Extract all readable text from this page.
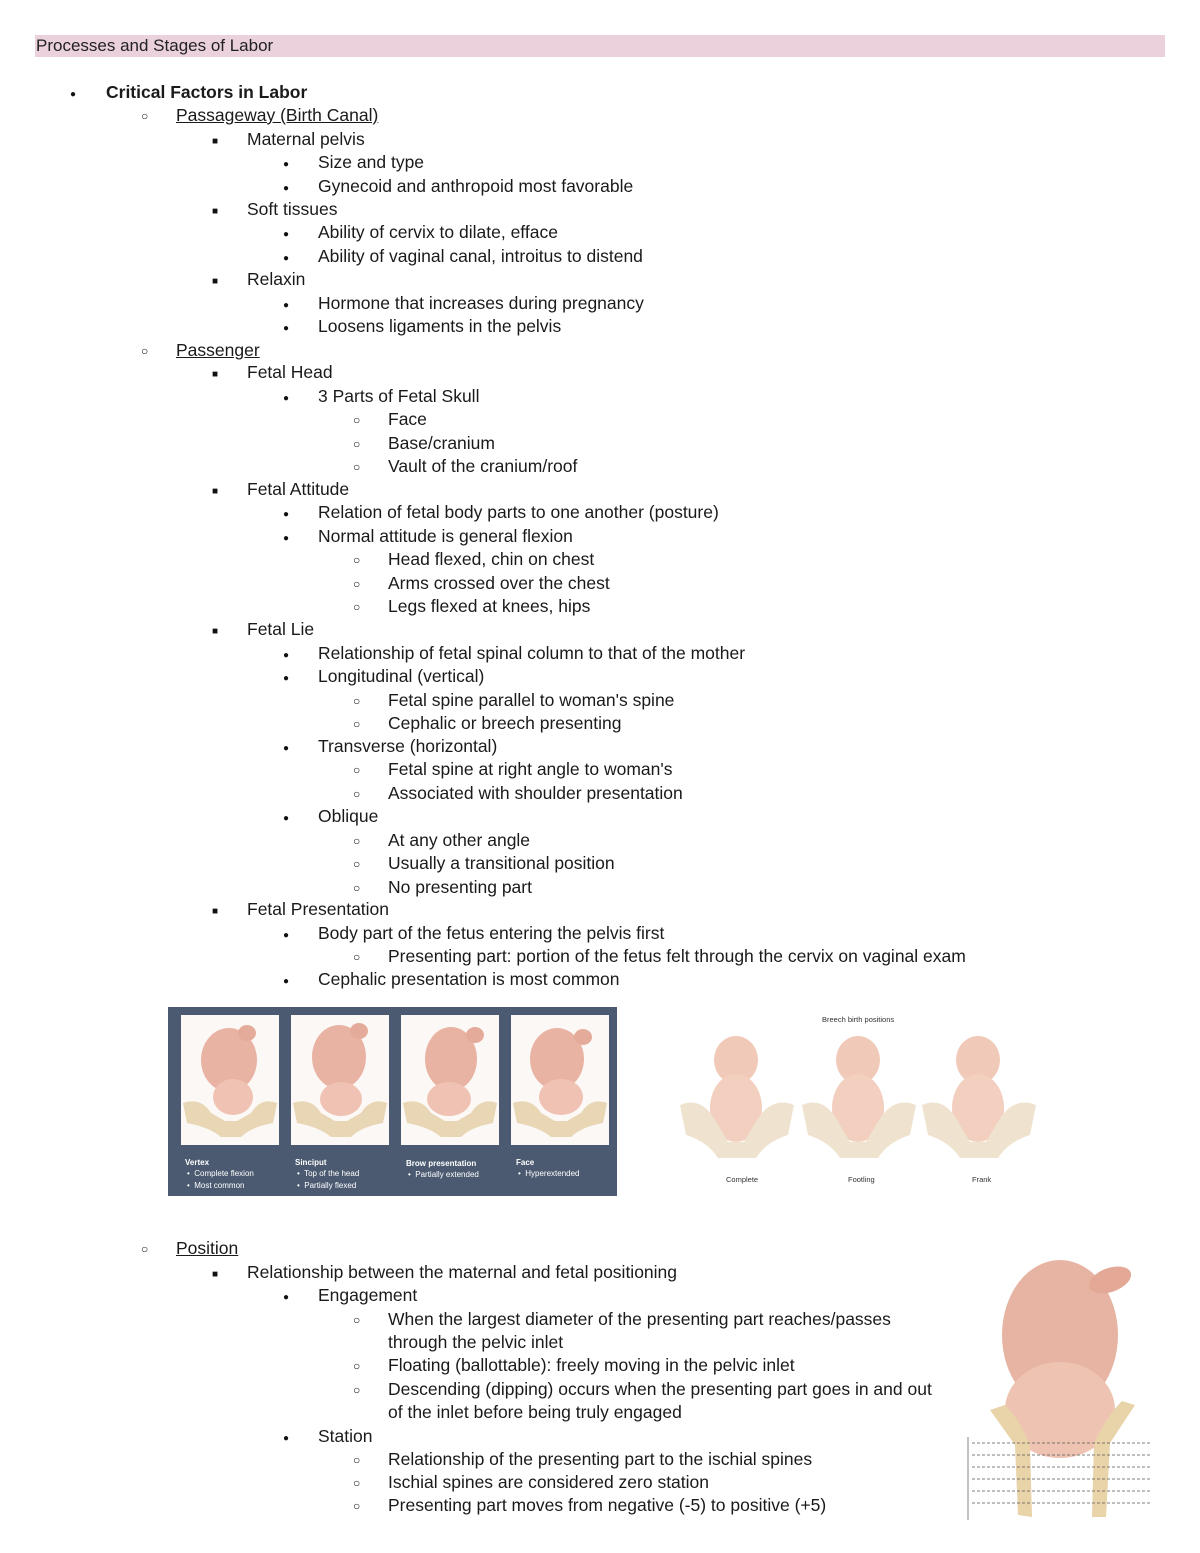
Processes and Stages of Labor
●
Critical Factors in Labor
○
Passageway (Birth Canal)
■
Maternal pelvis
●
Size and type
●
Gynecoid and anthropoid most favorable
■
Soft tissues
●
Ability of cervix to dilate, efface
●
Ability of vaginal canal, introitus to distend
■
Relaxin
●
Hormone that increases during pregnancy
●
Loosens ligaments in the pelvis
○
Passenger
■
Fetal Head
●
3 Parts of Fetal Skull
○
Face
○
Base/cranium
○
Vault of the cranium/roof
■
Fetal Attitude
●
Relation of fetal body parts to one another (posture)
●
Normal attitude is general flexion
○
Head flexed, chin on chest
○
Arms crossed over the chest
○
Legs flexed at knees, hips
■
Fetal Lie
●
Relationship of fetal spinal column to that of the mother
●
Longitudinal (vertical)
○
Fetal spine parallel to woman's spine
○
Cephalic or breech presenting
●
Transverse (horizontal)
○
Fetal spine at right angle to woman's
○
Associated with shoulder presentation
●
Oblique
○
At any other angle
○
Usually a transitional position
○
No presenting part
■
Fetal Presentation
●
Body part of the fetus entering the pelvis first
○
Presenting part: portion of the fetus felt through the cervix on vaginal exam
●
Cephalic presentation is most common
Vertex
•  Complete flexion
•  Most common
Sinciput
•  Top of the head
•  Partially flexed
Brow presentation
•  Partially extended
Face
•  Hyperextended
Breech birth positions
Complete	Footling	Frank
○
Position
■
Relationship between the maternal and fetal positioning
●
Engagement
○
When the largest diameter of the presenting part reaches/passes
through the pelvic inlet
○
Floating (ballottable): freely moving in the pelvic inlet
○
Descending (dipping) occurs when the presenting part goes in and out
of the inlet before being truly engaged
●
Station
○
Relationship of the presenting part to the ischial spines
○
Ischial spines are considered zero station
○
Presenting part moves from negative (-5) to positive (+5)
